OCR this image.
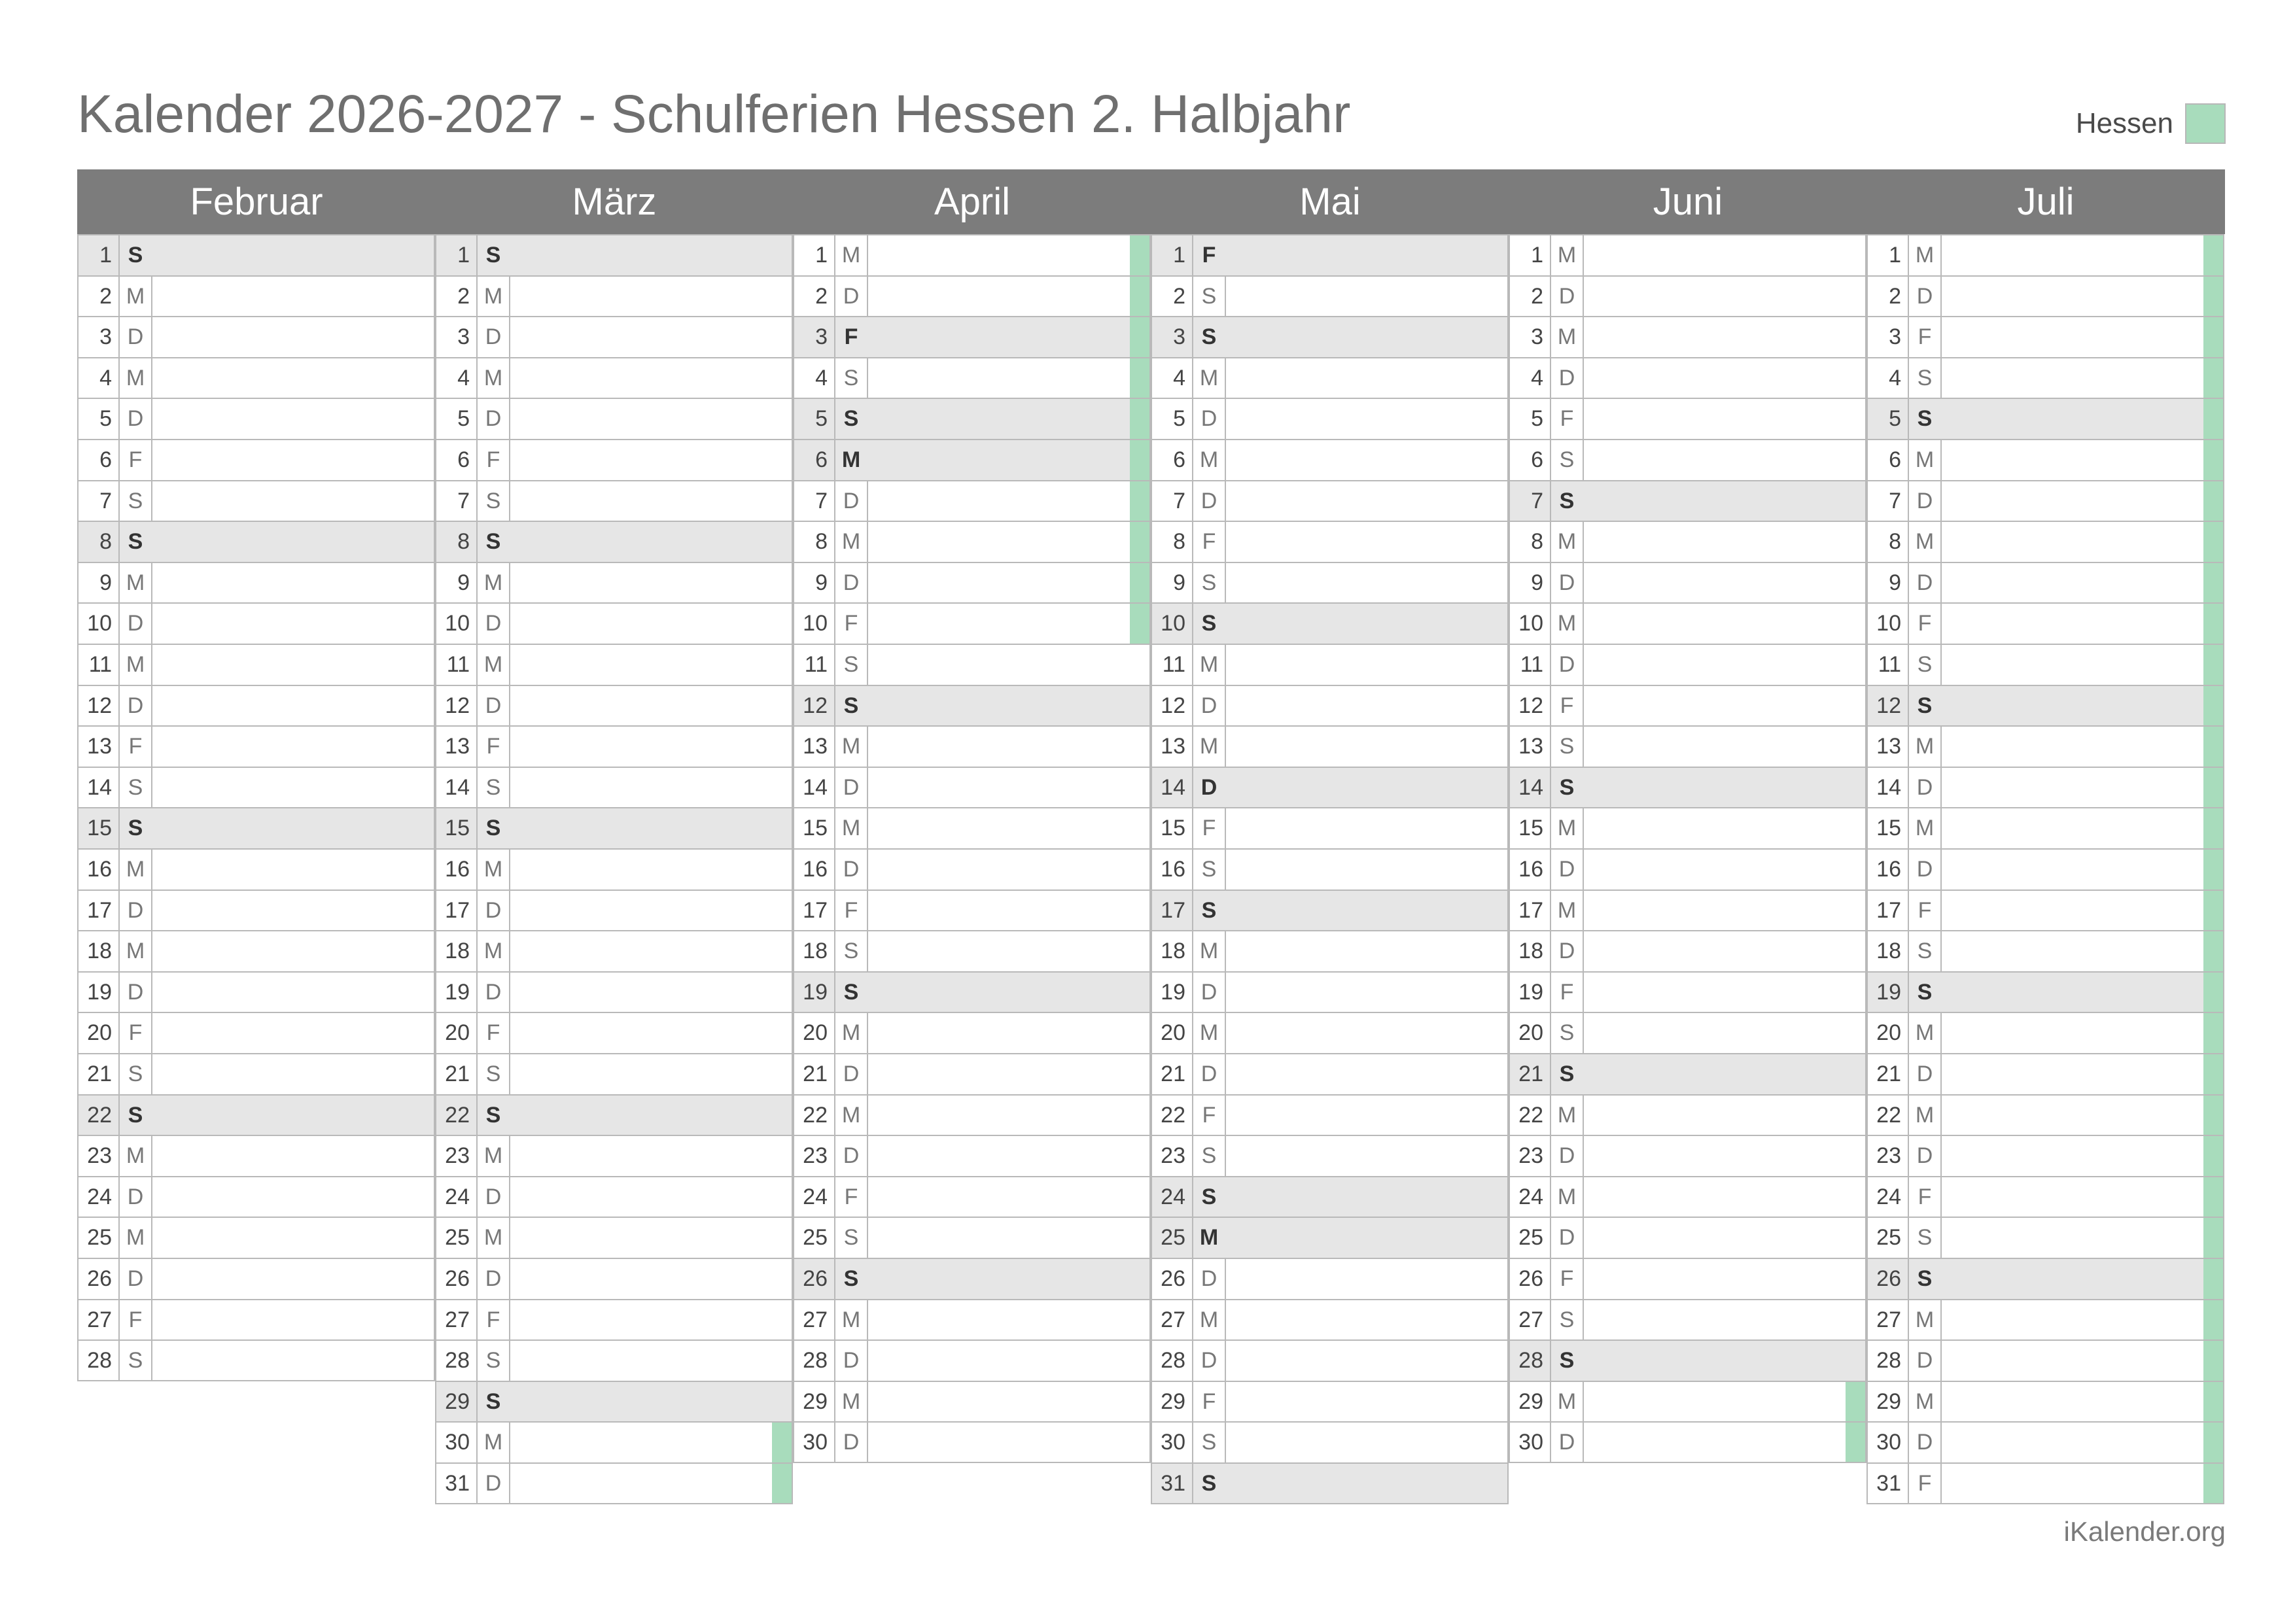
Kalender 2026-2027 - Schulferien Hessen 2. Halbjahr	Hessen
Februar
1 S
2 M
3 D
4 M
5 D
6 F
7 S
8 S
9 M
10 D
11 M
12 D
13 F
14 S
15 S
16 M
17 D
18 M
19 D
20 F
21 S
22 S
23 M
24 D
25 M
26 D
27 F
28 S
März
1 S
2 M
3 D
4 M
5 D
6 F
7 S
8 S
9 M
10 D
11 M
12 D
13 F
14 S
15 S
16 M
17 D
18 M
19 D
20 F
21 S
22 S
23 M
24 D
25 M
26 D
27 F
28 S
29 S
30 M
31 D
April
1 M
2 D
3 F
4 S
5 S
6 M
7 D
8 M
9 D
10 F
11 S
12 S
13 M
14 D
15 M
16 D
17 F
18 S
19 S
20 M
21 D
22 M
23 D
24 F
25 S
26 S
27 M
28 D
29 M
30 D
Mai
1 F
2 S
3 S
4 M
5 D
6 M
7 D
8 F
9 S
10 S
11 M
12 D
13 M
14 D
15 F
16 S
17 S
18 M
19 D
20 M
21 D
22 F
23 S
24 S
25 M
26 D
27 M
28 D
29 F
30 S
31 S
Juni
1 M
2 D
3 M
4 D
5 F
6 S
7 S
8 M
9 D
10 M
11 D
12 F
13 S
14 S
15 M
16 D
17 M
18 D
19 F
20 S
21 S
22 M
23 D
24 M
25 D
26 F
27 S
28 S
29 M
30 D
Juli
1 M
2 D
3 F
4 S
5 S
6 M
7 D
8 M
9 D
10 F
11 S
12 S
13 M
14 D
15 M
16 D
17 F
18 S
19 S
20 M
21 D
22 M
23 D
24 F
25 S
26 S
27 M
28 D
29 M
30 D
31 F
iKalender.org
